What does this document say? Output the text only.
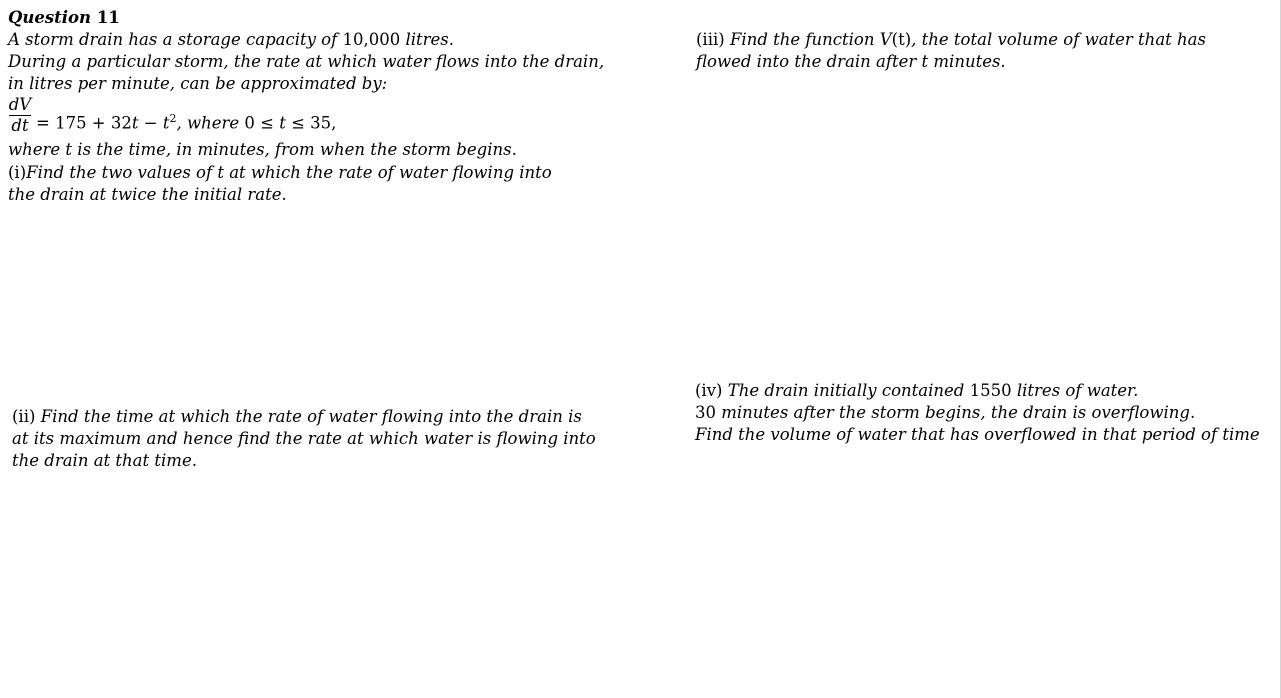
Question 11
A storm drain has a storage capacity of 10,000 litres.
During a particular storm, the rate at which water flows into the drain,
in litres per minute, can be approximated by:
dV
dt = $175 + 32t - t^2$, where 0 ≤ t ≤ 35,
where t is the time, in minutes, from when the storm begins.
(i)Find the two values of t at which the rate of water flowing into
the drain at twice the initial rate.
(ii) Find the time at which the rate of water flowing into the drain is
at its maximum and hence find the rate at which water is flowing into
the drain at that time.
(iii) Find the function V(t), the total volume of water that has
flowed into the drain after t minutes.
(iv) The drain initially contained 1550 litres of water.
30 minutes after the storm begins, the drain is overflowing.
Find the volume of water that has overflowed in that period of time
